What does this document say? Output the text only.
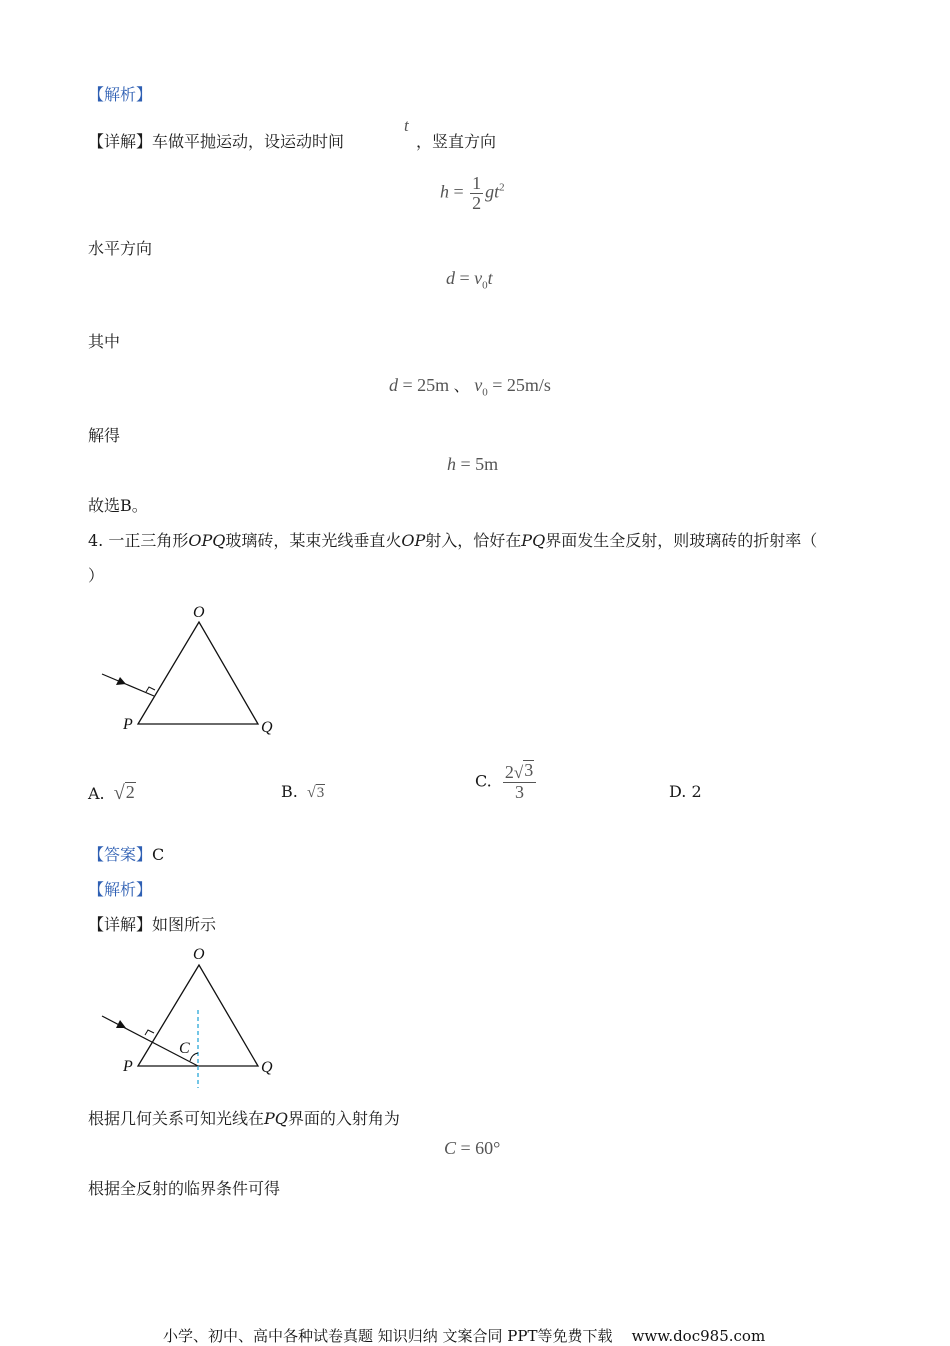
【解析】
【详解】车做平抛运动，设运动时间
t
，竖直方向
$h = \frac{1}{2} gt^2$
水平方向
$d = v_0t$
其中
d = 25m 、 $v_0 = 25m/s$
解得
h = 5m
故选B。
4. 一正三角形OPQ玻璃砖，某束光线垂直火OP射入，恰好在PQ界面发生全反射，则玻璃砖的折射率（
）
O
P	Q
A. √ 2	B. √ 3
C. $\frac{2 √ 3}{3}$	D. 2
【答案】C
【解析】
【详解】如图所示
O
P	Q
C
根据几何关系可知光线在PQ界面的入射角为
C = 60°
根据全反射的临界条件可得
小学、初中、高中各种试卷真题 知识归纳 文案合同 PPT等免费下载 www.doc985.com
